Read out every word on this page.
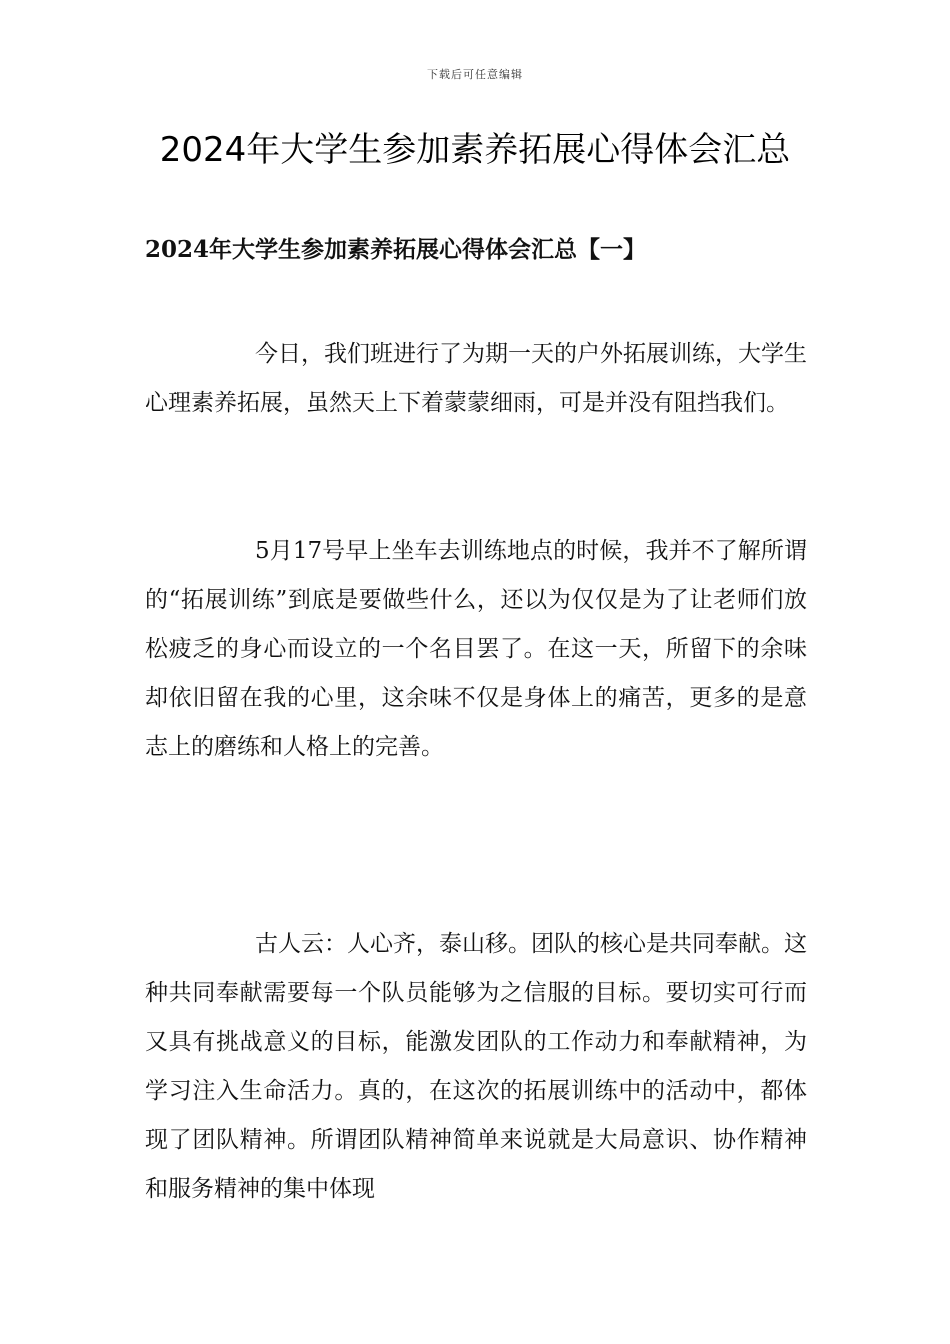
下载后可任意编辑
2024年大学生参加素养拓展心得体会汇总
2024年大学生参加素养拓展心得体会汇总【一】

今日，我们班进行了为期一天的户外拓展训练，大学生心理素养拓展，虽然天上下着蒙蒙细雨，可是并没有阻挡我们。

5月17号早上坐车去训练地点的时候，我并不了解所谓的“拓展训练”到底是要做些什么，还以为仅仅是为了让老师们放松疲乏的身心而设立的一个名目罢了。在这一天，所留下的余味却依旧留在我的心里，这余味不仅是身体上的痛苦，更多的是意志上的磨练和人格上的完善。

古人云：人心齐，泰山移。团队的核心是共同奉献。这种共同奉献需要每一个队员能够为之信服的目标。要切实可行而又具有挑战意义的目标，能激发团队的工作动力和奉献精神，为学习注入生命活力。真的，在这次的拓展训练中的活动中，都体现了团队精神。所谓团队精神简单来说就是大局意识、协作精神和服务精神的集中体现
